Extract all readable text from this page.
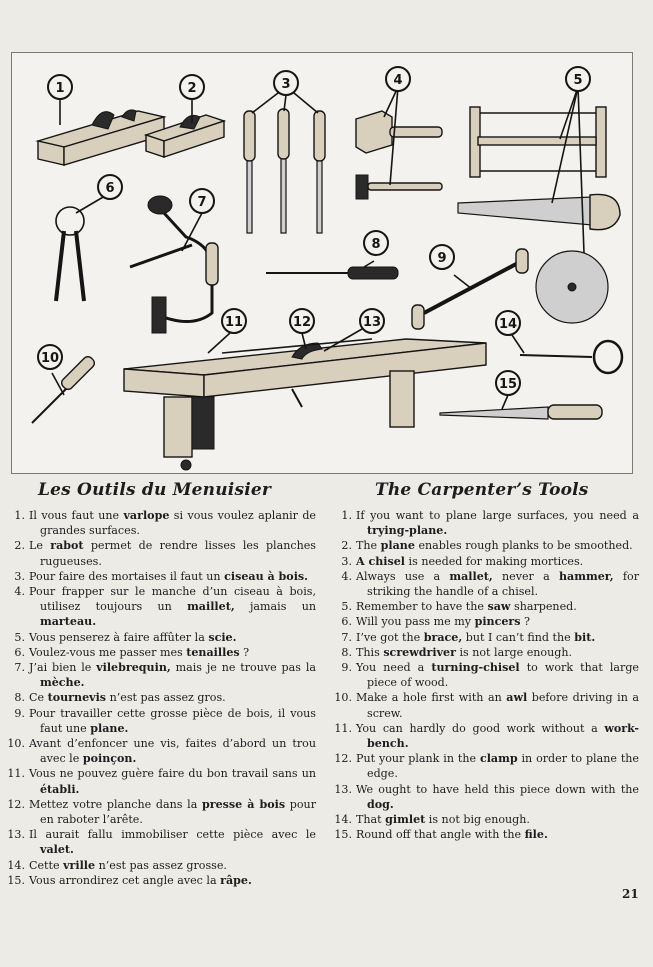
1	2	3	4	5
6
7
8
9
10
11	12	13	14
15
Les Outils du Menuisier	The Carpenter’s Tools
1. Il vous faut une varlope si vous voulez aplanir de grandes surfaces.
2. Le rabot permet de rendre lisses les planches rugueuses.
3. Pour faire des mortaises il faut un ciseau à bois.
4. Pour frapper sur le manche d’un ciseau à bois, utilisez toujours un maillet, jamais un marteau.
5. Vous penserez à faire affûter la scie.
6. Voulez-vous me passer mes tenailles ?
7. J’ai bien le vilebrequin, mais je ne trouve pas la mèche.
8. Ce tournevis n’est pas assez gros.
9. Pour travailler cette grosse pièce de bois, il vous faut une plane.
10. Avant d’enfoncer une vis, faites d’abord un trou avec le poinçon.
11. Vous ne pouvez guère faire du bon travail sans un établi.
12. Mettez votre planche dans la presse à bois pour en raboter l’arête.
13. Il aurait fallu immobiliser cette pièce avec le valet.
14. Cette vrille n’est pas assez grosse.
15. Vous arrondirez cet angle avec la râpe.
1. If you want to plane large surfaces, you need a trying-plane.
2. The plane enables rough planks to be smoothed.
3. A chisel is needed for making mortices.
4. Always use a mallet, never a hammer, for striking the handle of a chisel.
5. Remember to have the saw sharpened.
6. Will you pass me my pincers ?
7. I’ve got the brace, but I can’t find the bit.
8. This screwdriver is not large enough.
9. You need a turning-chisel to work that large piece of wood.
10. Make a hole first with an awl before driving in a screw.
11. You can hardly do good work without a work-bench.
12. Put your plank in the clamp in order to plane the edge.
13. We ought to have held this piece down with the dog.
14. That gimlet is not big enough.
15. Round off that angle with the file.
21
